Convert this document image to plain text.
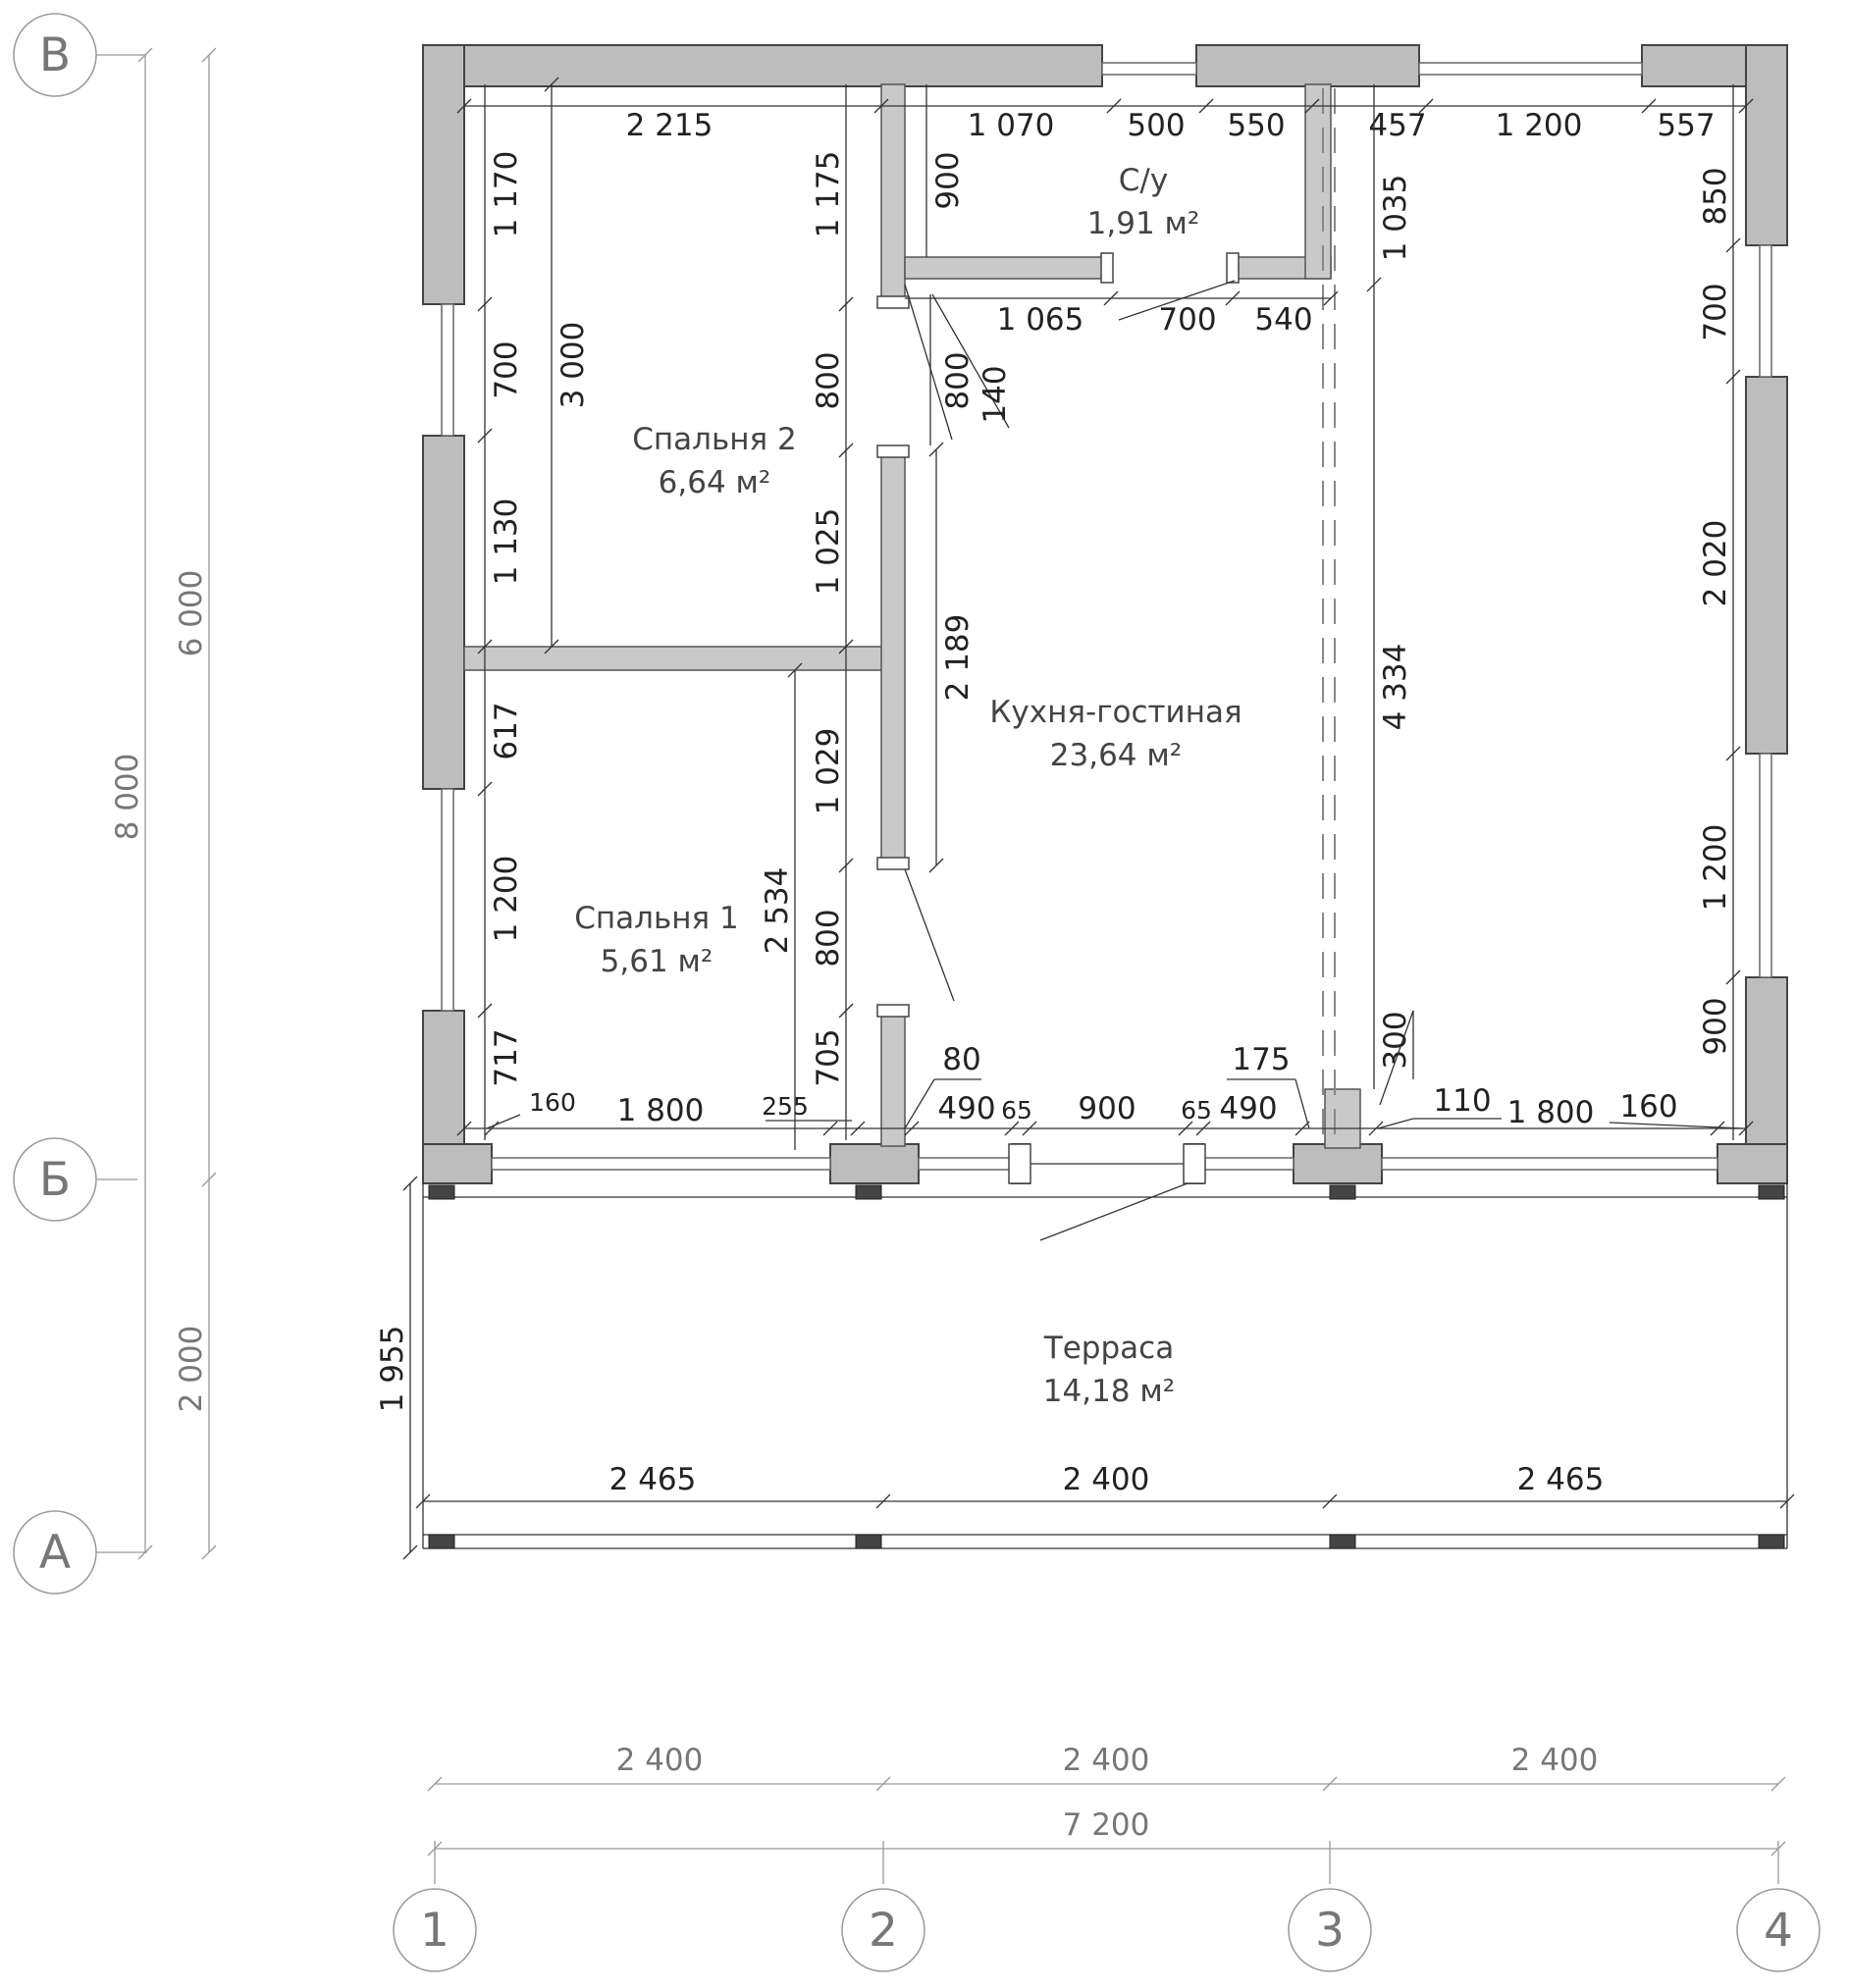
В
Б
А
1	2	3	4
8 000
6 000
2 000	1 955
2 465	2 400	2 465
Спальня 2
6,64 м²
С/у
1,91 м²
Кухня-гостиная
23,64 м²
Спальня 1
5,61 м²
Терраса
14,18 м²
2 215	1 070 500 550	457 1 200 557
1 170
700
1 130
617
1 200
717
3 000
1 175
800
1 025
1 029
800
705
2 534
900
1 065 700 540
800 140
2 189
1 035
4 334
300
850
700
2 020
1 200
900
160 1 800 255
80
490 65 900 65 490
175
110 1 800 160
2 400	2 400	2 400
7 200
